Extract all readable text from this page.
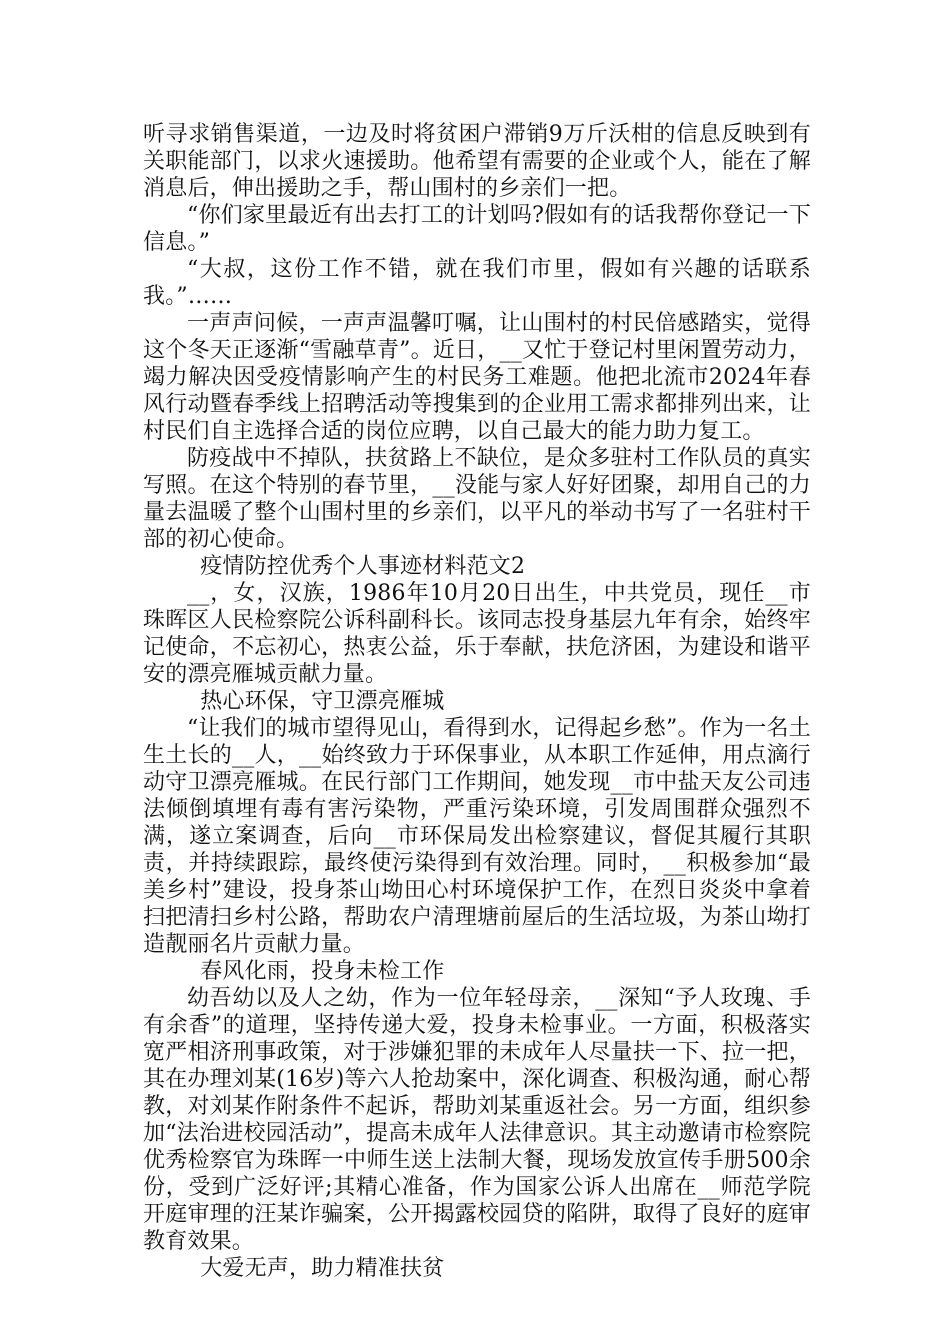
听寻求销售渠道，一边及时将贫困户滞销9万斤沃柑的信息反映到有关职能部门，以求火速援助。他希望有需要的企业或个人，能在了解消息后，伸出援助之手，帮山围村的乡亲们一把。

“你们家里最近有出去打工的计划吗?假如有的话我帮你登记一下信息。”

“大叔，这份工作不错，就在我们市里，假如有兴趣的话联系我。”……

一声声问候，一声声温馨叮嘱，让山围村的村民倍感踏实，觉得这个冬天正逐渐“雪融草青”。近日，__又忙于登记村里闲置劳动力，竭力解决因受疫情影响产生的村民务工难题。他把北流市2024年春风行动暨春季线上招聘活动等搜集到的企业用工需求都排列出来，让村民们自主选择合适的岗位应聘，以自己最大的能力助力复工。

防疫战中不掉队，扶贫路上不缺位，是众多驻村工作队员的真实写照。在这个特别的春节里，__没能与家人好好团聚，却用自己的力量去温暖了整个山围村里的乡亲们，以平凡的举动书写了一名驻村干部的初心使命。

疫情防控优秀个人事迹材料范文2

__，女，汉族，1986年10月20日出生，中共党员，现任__市珠晖区人民检察院公诉科副科长。该同志投身基层九年有余，始终牢记使命，不忘初心，热衷公益，乐于奉献，扶危济困，为建设和谐平安的漂亮雁城贡献力量。

热心环保，守卫漂亮雁城

“让我们的城市望得见山，看得到水，记得起乡愁”。作为一名土生土长的__人，__始终致力于环保事业，从本职工作延伸，用点滴行动守卫漂亮雁城。在民行部门工作期间，她发现__市中盐天友公司违法倾倒填埋有毒有害污染物，严重污染环境，引发周围群众强烈不满，遂立案调查，后向__市环保局发出检察建议，督促其履行其职责，并持续跟踪，最终使污染得到有效治理。同时，__积极参加“最美乡村”建设，投身茶山坳田心村环境保护工作，在烈日炎炎中拿着扫把清扫乡村公路，帮助农户清理塘前屋后的生活垃圾，为茶山坳打造靓丽名片贡献力量。

春风化雨，投身未检工作

幼吾幼以及人之幼，作为一位年轻母亲，__深知“予人玫瑰、手有余香”的道理，坚持传递大爱，投身未检事业。一方面，积极落实宽严相济刑事政策，对于涉嫌犯罪的未成年人尽量扶一下、拉一把，其在办理刘某(16岁)等六人抢劫案中，深化调查、积极沟通，耐心帮教，对刘某作附条件不起诉，帮助刘某重返社会。另一方面，组织参加“法治进校园活动”，提高未成年人法律意识。其主动邀请市检察院优秀检察官为珠晖一中师生送上法制大餐，现场发放宣传手册500余份，受到广泛好评;其精心准备，作为国家公诉人出席在__师范学院开庭审理的汪某诈骗案，公开揭露校园贷的陷阱，取得了良好的庭审教育效果。

大爱无声，助力精准扶贫
